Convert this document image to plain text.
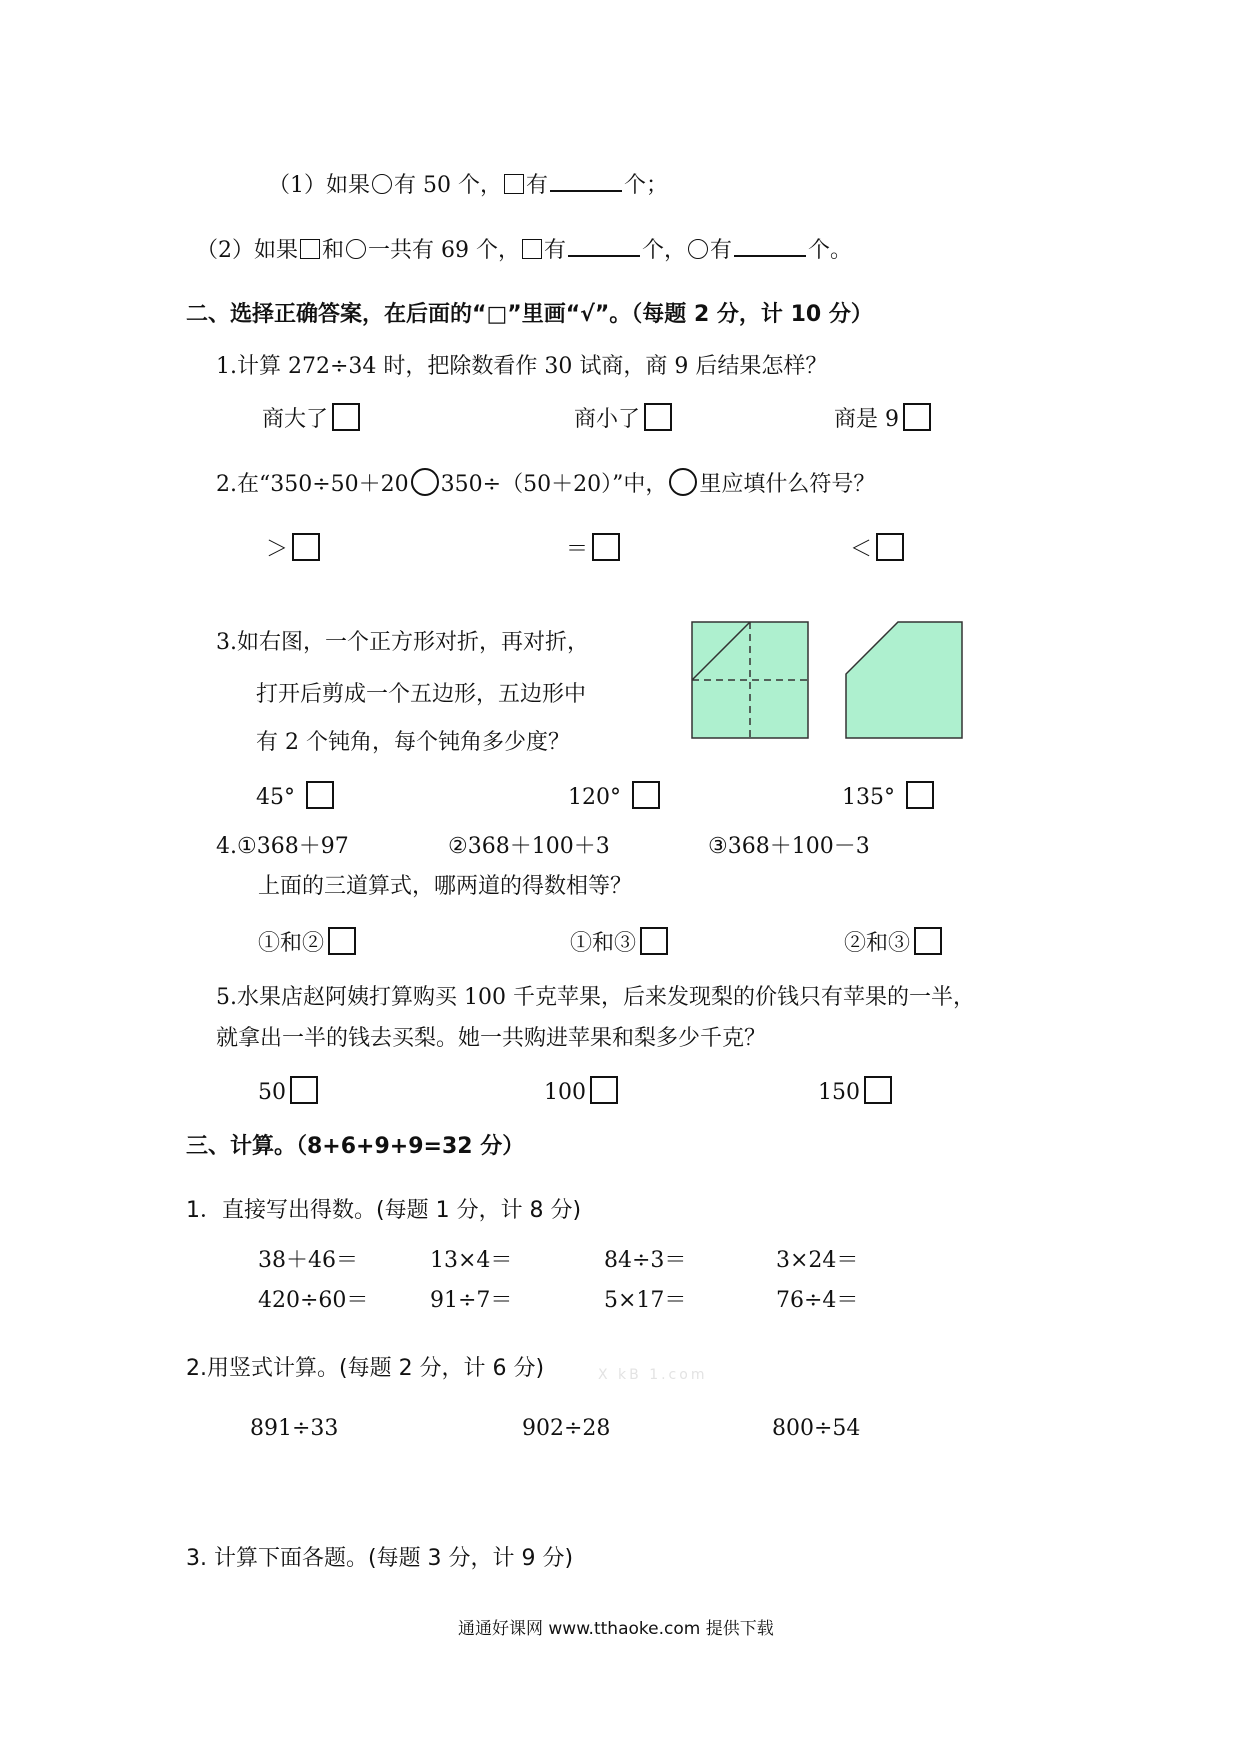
（1）如果 有 50 个， 有	个；
（2）如果 和 一共有 69 个， 有	个， 有	个。
二、选择正确答案，在后面的“□”里画“√”。（每题 2 分，计 10 分）
1.计算 272÷34 时，把除数看作 30 试商，商 9 后结果怎样？
商大了	商小了	商是 9
2.在“350÷50＋20 350÷（50＋20）”中， 里应填什么符号？
＞	＝	＜
3.如右图，一个正方形对折，再对折，
打开后剪成一个五边形，五边形中
有 2 个钝角，每个钝角多少度？
45°	120°	135°
4.①368＋97	②368＋100＋3	③368＋100－3
上面的三道算式，哪两道的得数相等？
①和②	①和③	②和③
5.水果店赵阿姨打算购买 100 千克苹果，后来发现梨的价钱只有苹果的一半，
就拿出一半的钱去买梨。她一共购进苹果和梨多少千克？
50	100	150
三、计算。（8+6+9+9=32 分）
1．直接写出得数。(每题 1 分，计 8 分)
38＋46＝	13×4＝	84÷3＝	3×24＝
420÷60＝	91÷7＝	5×17＝	76÷4＝
2.用竖式计算。(每题 2 分，计 6 分)	X kB 1.com
891÷33	902÷28	800÷54
3. 计算下面各题。(每题 3 分，计 9 分)
通通好课网 www.tthaoke.com 提供下载
